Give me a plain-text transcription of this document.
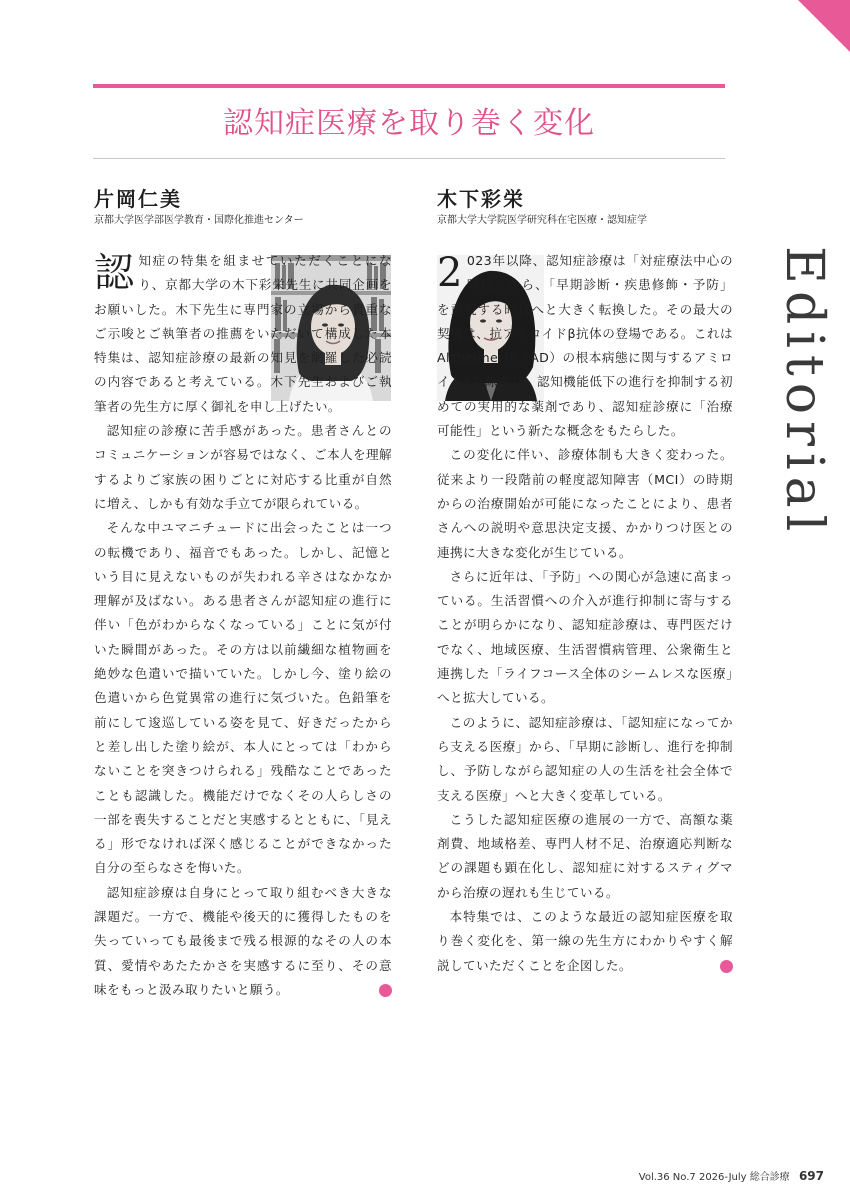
認知症医療を取り巻く変化
片岡仁美
京都大学医学部医学教育・国際化推進センター

認知症の特集を組ませていただくことになり、京都大学の木下彩栄先生に共同企画をお願いした。木下先生に専門家の立場から貴重なご示唆とご執筆者の推薦をいただいて構成した本特集は、認知症診療の最新の知見を網羅した必読の内容であると考えている。木下先生およびご執筆者の先生方に厚く御礼を申し上げたい。

認知症の診療に苦手感があった。患者さんとのコミュニケーションが容易ではなく、ご本人を理解するよりご家族の困りごとに対応する比重が自然に増え、しかも有効な手立てが限られている。

そんな中ユマニチュードに出会ったことは一つの転機であり、福音でもあった。しかし、記憶という目に見えないものが失われる辛さはなかなか理解が及ばない。ある患者さんが認知症の進行に伴い「色がわからなくなっている」ことに気が付いた瞬間があった。その方は以前繊細な植物画を絶妙な色遣いで描いていた。しかし今、塗り絵の色遣いから色覚異常の進行に気づいた。色鉛筆を前にして逡巡している姿を見て、好きだったからと差し出した塗り絵が、本人にとっては「わからないことを突きつけられる」残酷なことであったことも認識した。機能だけでなくその人らしさの一部を喪失することだと実感するとともに、「見える」形でなければ深く感じることができなかった自分の至らなさを悔いた。

認知症診療は自身にとって取り組むべき大きな課題だ。一方で、機能や後天的に獲得したものを失っていっても最後まで残る根源的なその人の本質、愛情やあたたかさを実感するに至り、その意味をもっと汲み取りたいと願う。	G

木下彩栄
京都大学大学院医学研究科在宅医療・認知症学

2 023年以降、認知症診療は「対症療法中心の時代」から、「早期診断・疾患修飾・予防」を重視する時代へと大きく転換した。その最大の契機は、抗アミロイドβ抗体の登場である。これはAlzheimer病（AD）の根本病態に関与するアミロイドβを除去し、認知機能低下の進行を抑制する初めての実用的な薬剤であり、認知症診療に「治療可能性」という新たな概念をもたらした。

この変化に伴い、診療体制も大きく変わった。従来より一段階前の軽度認知障害（MCI）の時期からの治療開始が可能になったことにより、患者さんへの説明や意思決定支援、かかりつけ医との連携に大きな変化が生じている。

さらに近年は、「予防」への関心が急速に高まっている。生活習慣への介入が進行抑制に寄与することが明らかになり、認知症診療は、専門医だけでなく、地域医療、生活習慣病管理、公衆衛生と連携した「ライフコース全体のシームレスな医療」へと拡大している。

このように、認知症診療は、「認知症になってから支える医療」から、「早期に診断し、進行を抑制し、予防しながら認知症の人の生活を社会全体で支える医療」へと大きく変革している。

こうした認知症医療の進展の一方で、高額な薬剤費、地域格差、専門人材不足、治療適応判断などの課題も顕在化し、認知症に対するスティグマから治療の遅れも生じている。

本特集では、このような最近の認知症医療を取り巻く変化を、第一線の先生方にわかりやすく解説していただくことを企図した。	G

Editorial
Vol.36 No.7 2026-July 総合診療 697
